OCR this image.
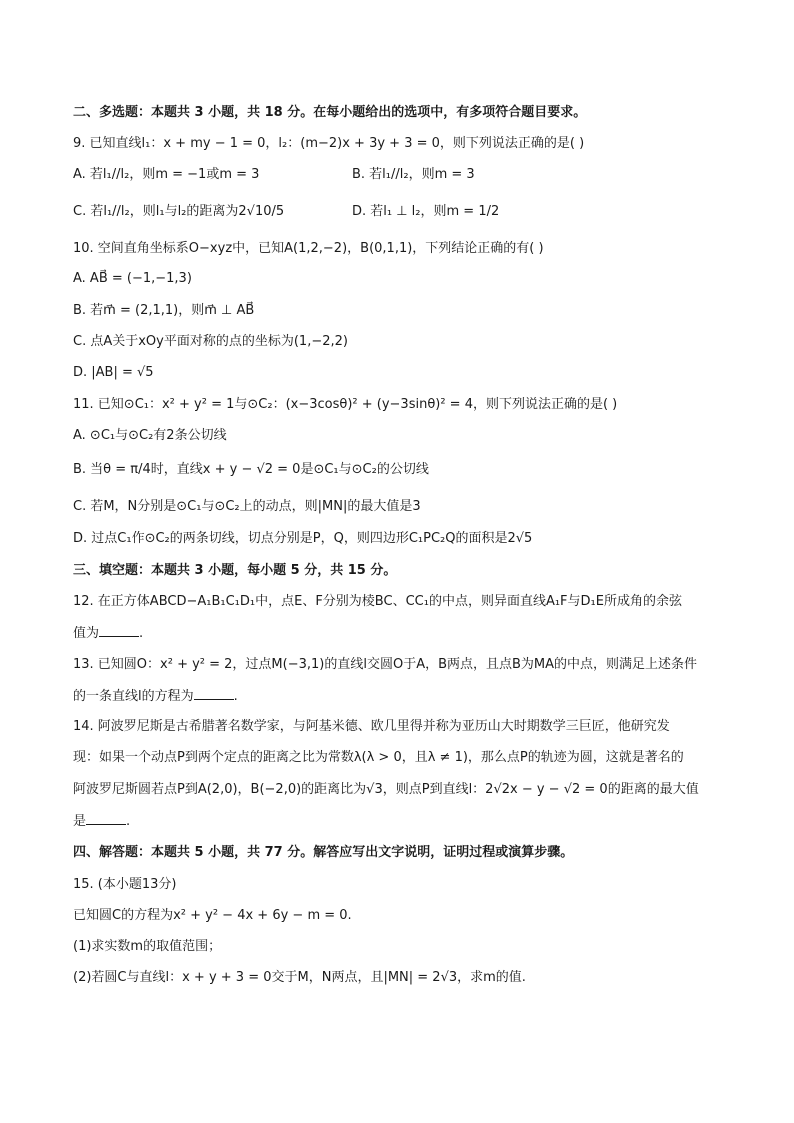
二、多选题：本题共 3 小题，共 18 分。在每小题给出的选项中，有多项符合题目要求。
9. 已知直线l₁：x + my − 1 = 0，l₂：(m−2)x + 3y + 3 = 0，则下列说法正确的是( )
A. 若l₁//l₂，则m = −1或m = 3	B. 若l₁//l₂，则m = 3
C. 若l₁//l₂，则l₁与l₂的距离为2√10/5	D. 若l₁ ⊥ l₂，则m = 1/2
10. 空间直角坐标系O−xyz中，已知A(1,2,−2)，B(0,1,1)，下列结论正确的有( )
A. AB⃗ = (−1,−1,3)
B. 若m⃗ = (2,1,1)，则m⃗ ⊥ AB⃗
C. 点A关于xOy平面对称的点的坐标为(1,−2,2)
D. |AB| = √5
11. 已知⊙C₁：x² + y² = 1与⊙C₂：(x−3cosθ)² + (y−3sinθ)² = 4，则下列说法正确的是( )
A. ⊙C₁与⊙C₂有2条公切线
B. 当θ = π/4时，直线x + y − √2 = 0是⊙C₁与⊙C₂的公切线
C. 若M，N分别是⊙C₁与⊙C₂上的动点，则|MN|的最大值是3
D. 过点C₁作⊙C₂的两条切线，切点分别是P，Q，则四边形C₁PC₂Q的面积是2√5
三、填空题：本题共 3 小题，每小题 5 分，共 15 分。
12. 在正方体ABCD−A₁B₁C₁D₁中，点E、F分别为棱BC、CC₁的中点，则异面直线A₁F与D₁E所成角的余弦
值为	.
13. 已知圆O：x² + y² = 2，过点M(−3,1)的直线l交圆O于A，B两点，且点B为MA的中点，则满足上述条件
的一条直线l的方程为	.
14. 阿波罗尼斯是古希腊著名数学家，与阿基米德、欧几里得并称为亚历山大时期数学三巨匠，他研究发
现：如果一个动点P到两个定点的距离之比为常数λ(λ > 0，且λ ≠ 1)，那么点P的轨迹为圆，这就是著名的
阿波罗尼斯圆若点P到A(2,0)，B(−2,0)的距离比为√3，则点P到直线l：2√2x − y − √2 = 0的距离的最大值
是	.
四、解答题：本题共 5 小题，共 77 分。解答应写出文字说明，证明过程或演算步骤。
15. (本小题13分)
已知圆C的方程为x² + y² − 4x + 6y − m = 0.
(1)求实数m的取值范围；
(2)若圆C与直线l：x + y + 3 = 0交于M，N两点，且|MN| = 2√3，求m的值.
